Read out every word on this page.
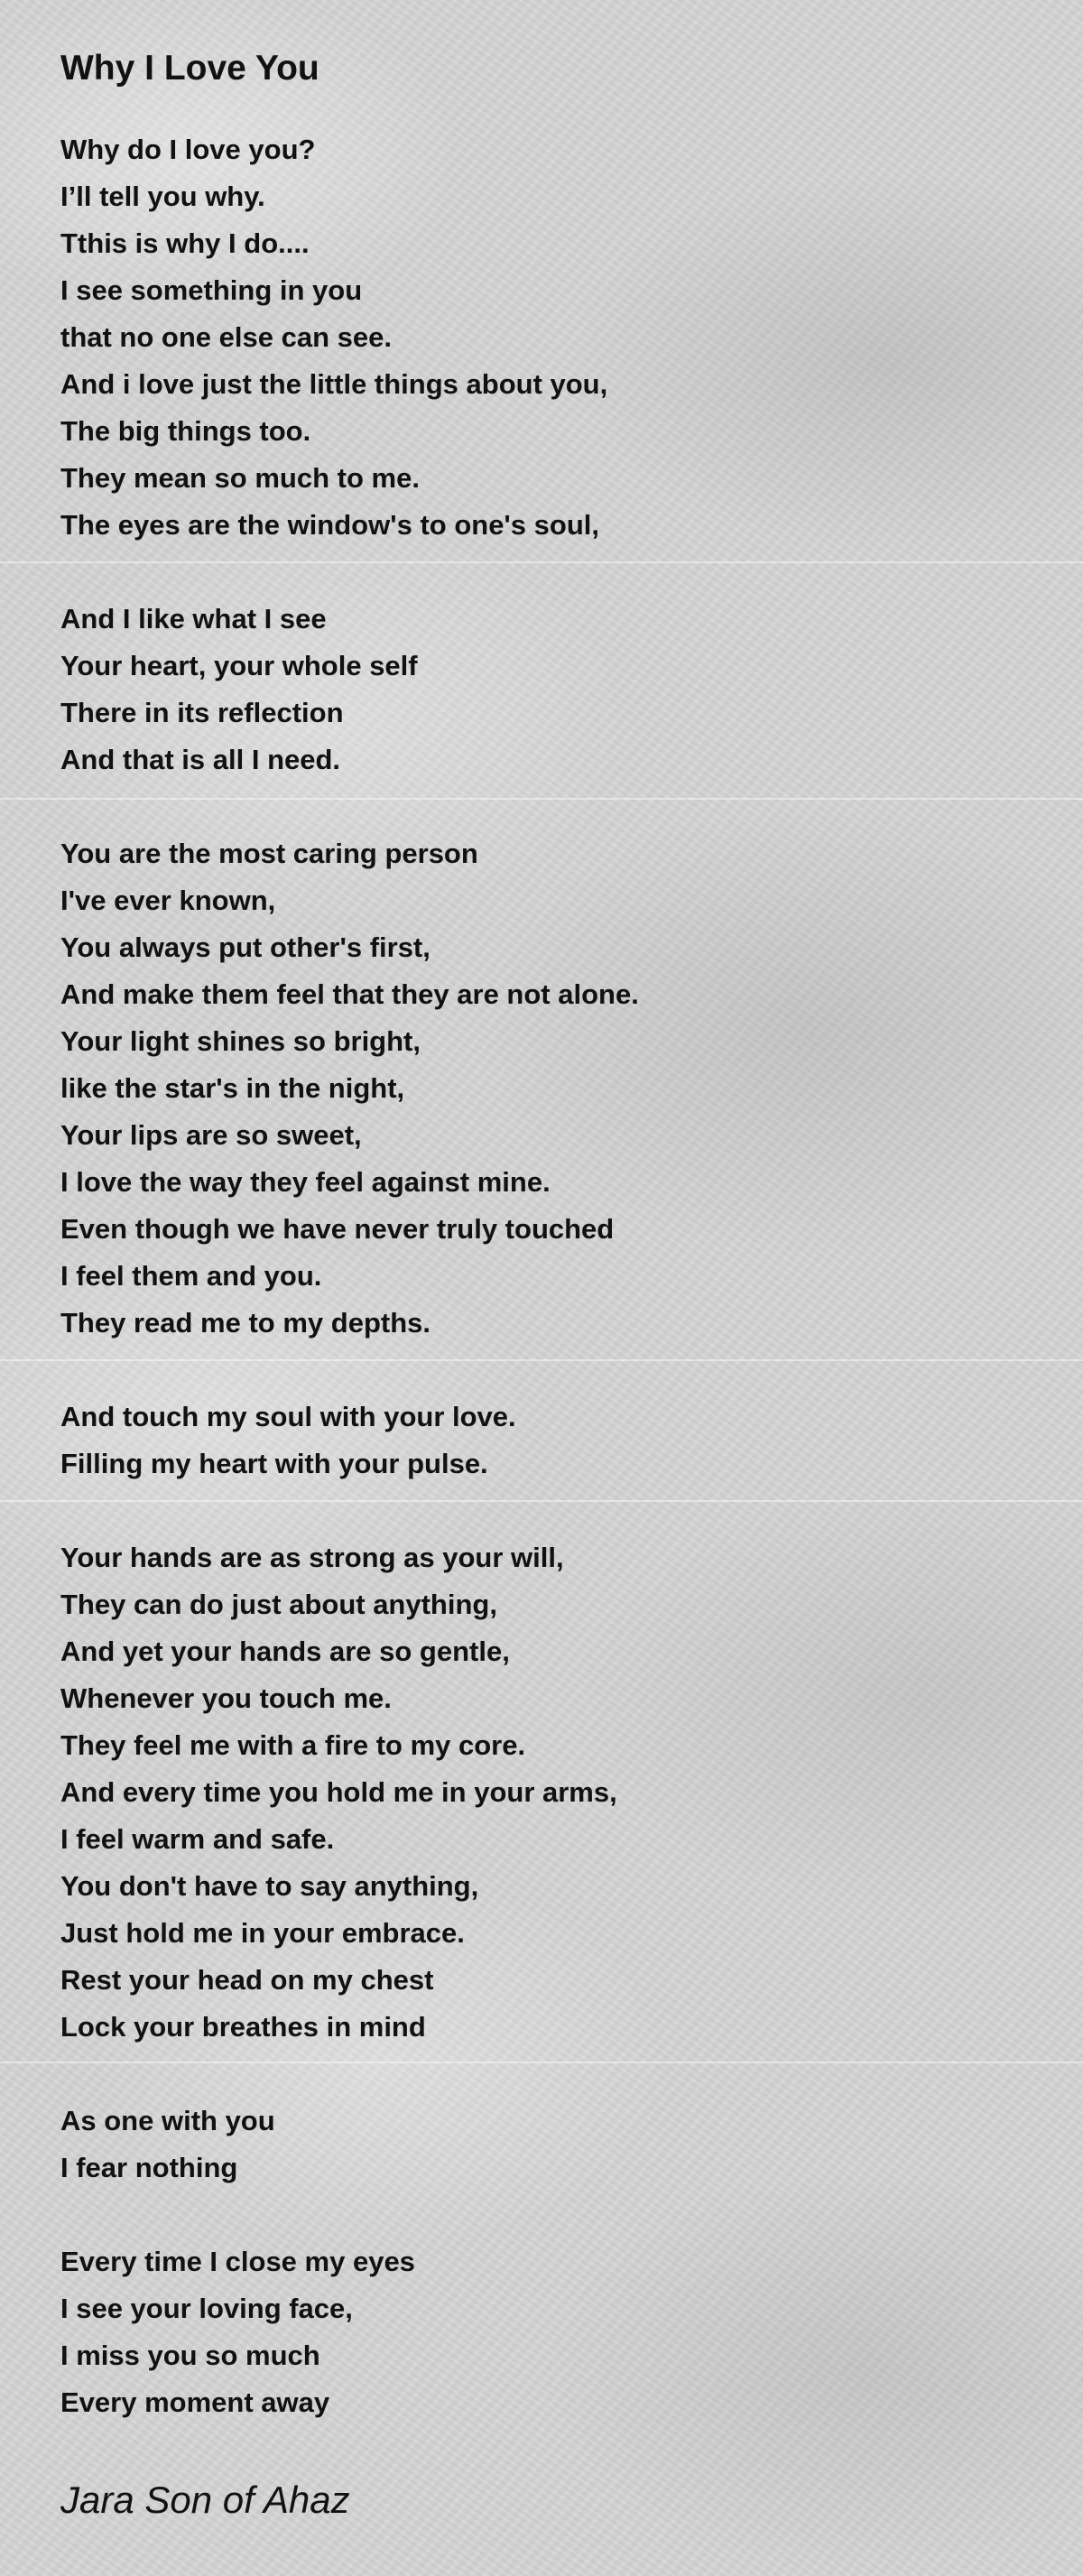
Why I Love You
Why do I love you?
I’ll tell you why.
Tthis is why I do....
I see something in you
that no one else can see.
And i love just the little things about you,
The big things too.
They mean so much to me.
The eyes are the window's to one's soul,
And I like what I see
Your heart, your whole self
There in its reflection
And that is all I need.
You are the most caring person
I've ever known,
You always put other's first,
And make them feel that they are not alone.
Your light shines so bright,
like the star's in the night,
Your lips are so sweet,
I love the way they feel against mine.
Even though we have never truly touched
I feel them and you.
They read me to my depths.
And touch my soul with your love.
Filling my heart with your pulse.
Your hands are as strong as your will,
They can do just about anything,
And yet your hands are so gentle,
Whenever you touch me.
They feel me with a fire to my core.
And every time you hold me in your arms,
I feel warm and safe.
You don't have to say anything,
Just hold me in your embrace.
Rest your head on my chest
Lock your breathes in mind
As one with you
I fear nothing
Every time I close my eyes
I see your loving face,
I miss you so much
Every moment away

Jara Son of Ahaz
